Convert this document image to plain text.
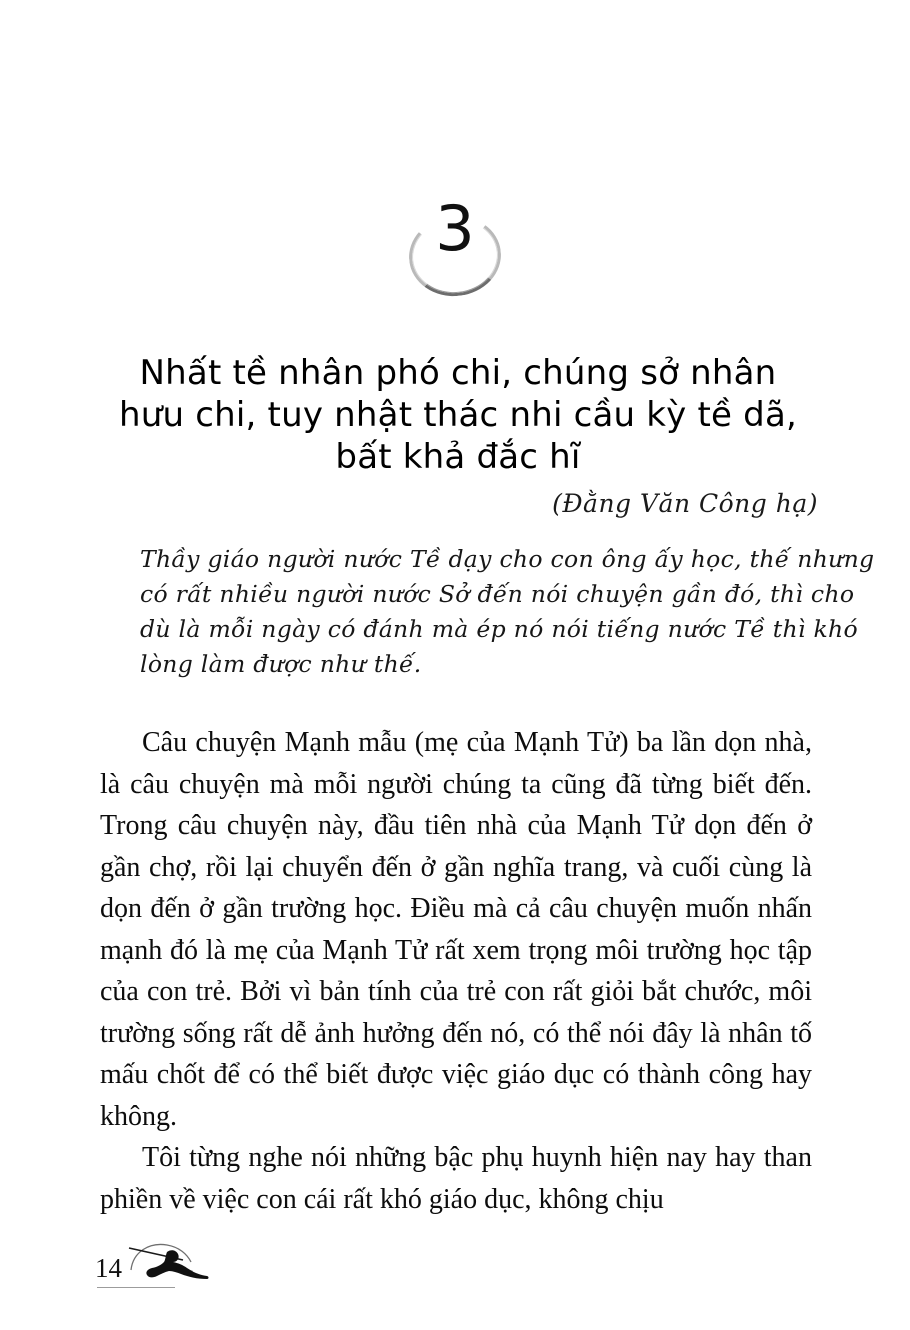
3
Nhất tề nhân phó chi, chúng sở nhân
hưu chi, tuy nhật thác nhi cầu kỳ tề dã,
bất khả đắc hĩ
(Đằng Văn Công hạ)
Thầy giáo người nước Tề dạy cho con ông ấy học, thế nhưng
có rất nhiều người nước Sở đến nói chuyện gần đó, thì cho
dù là mỗi ngày có đánh mà ép nó nói tiếng nước Tề thì khó
lòng làm được như thế.

Câu chuyện Mạnh mẫu (mẹ của Mạnh Tử) ba lần dọn nhà, là câu chuyện mà mỗi người chúng ta cũng đã từng biết đến. Trong câu chuyện này, đầu tiên nhà của Mạnh Tử dọn đến ở gần chợ, rồi lại chuyển đến ở gần nghĩa trang, và cuối cùng là dọn đến ở gần trường học. Điều mà cả câu chuyện muốn nhấn mạnh đó là mẹ của Mạnh Tử rất xem trọng môi trường học tập của con trẻ. Bởi vì bản tính của trẻ con rất giỏi bắt chước, môi trường sống rất dễ ảnh hưởng đến nó, có thể nói đây là nhân tố mấu chốt để có thể biết được việc giáo dục có thành công hay không.

Tôi từng nghe nói những bậc phụ huynh hiện nay hay than phiền về việc con cái rất khó giáo dục, không chịu

14
